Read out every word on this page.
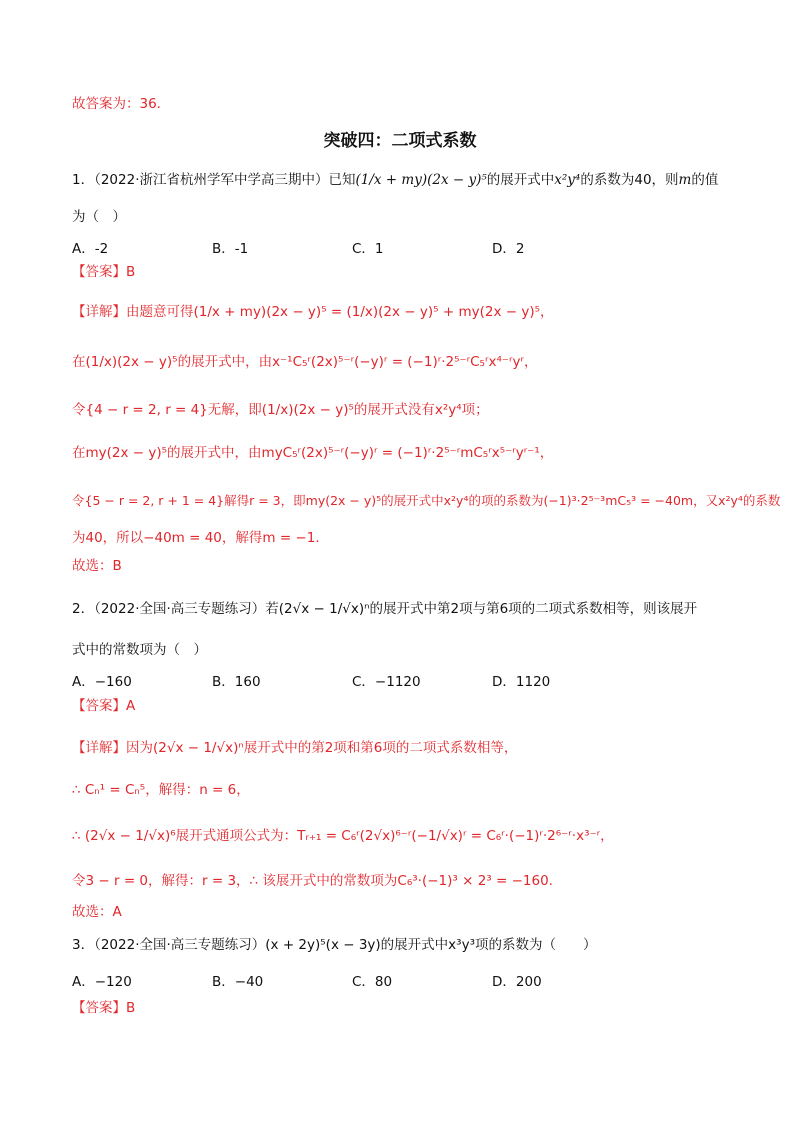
故答案为：36．
突破四：二项式系数
1．（2022·浙江省杭州学军中学高三期中）已知(1/x + my)(2x − y)⁵的展开式中x²y⁴的系数为40，则m的值
为（　）
A．-2	B．-1	C．1	D．2
【答案】B
【详解】由题意可得(1/x + my)(2x − y)⁵ = (1/x)(2x − y)⁵ + my(2x − y)⁵，
在(1/x)(2x − y)⁵的展开式中，由x⁻¹C₅ʳ(2x)⁵⁻ʳ(−y)ʳ = (−1)ʳ·2⁵⁻ʳC₅ʳx⁴⁻ʳyʳ，
令{4 − r = 2, r = 4}无解，即(1/x)(2x − y)⁵的展开式没有x²y⁴项；
在my(2x − y)⁵的展开式中，由myC₅ʳ(2x)⁵⁻ʳ(−y)ʳ = (−1)ʳ·2⁵⁻ʳmC₅ʳx⁵⁻ʳyʳ⁻¹，
令{5 − r = 2, r + 1 = 4}解得r = 3，即my(2x − y)⁵的展开式中x²y⁴的项的系数为(−1)³·2⁵⁻³mC₅³ = −40m，又x²y⁴的系数
为40，所以−40m = 40，解得m = −1.
故选：B
2．（2022·全国·高三专题练习）若(2√x − 1/√x)ⁿ的展开式中第2项与第6项的二项式系数相等，则该展开
式中的常数项为（　）
A．−160	B．160	C．−1120	D．1120
【答案】A
【详解】因为(2√x − 1/√x)ⁿ展开式中的第2项和第6项的二项式系数相等，
∴ Cₙ¹ = Cₙ⁵，解得：n = 6，
∴ (2√x − 1/√x)⁶展开式通项公式为：Tᵣ₊₁ = C₆ʳ(2√x)⁶⁻ʳ(−1/√x)ʳ = C₆ʳ·(−1)ʳ·2⁶⁻ʳ·x³⁻ʳ，
令3 − r = 0，解得：r = 3，∴ 该展开式中的常数项为C₆³·(−1)³ × 2³ = −160.
故选：A
3．（2022·全国·高三专题练习）(x + 2y)⁵(x − 3y)的展开式中x³y³项的系数为（　　）
A．−120	B．−40	C．80	D．200
【答案】B
